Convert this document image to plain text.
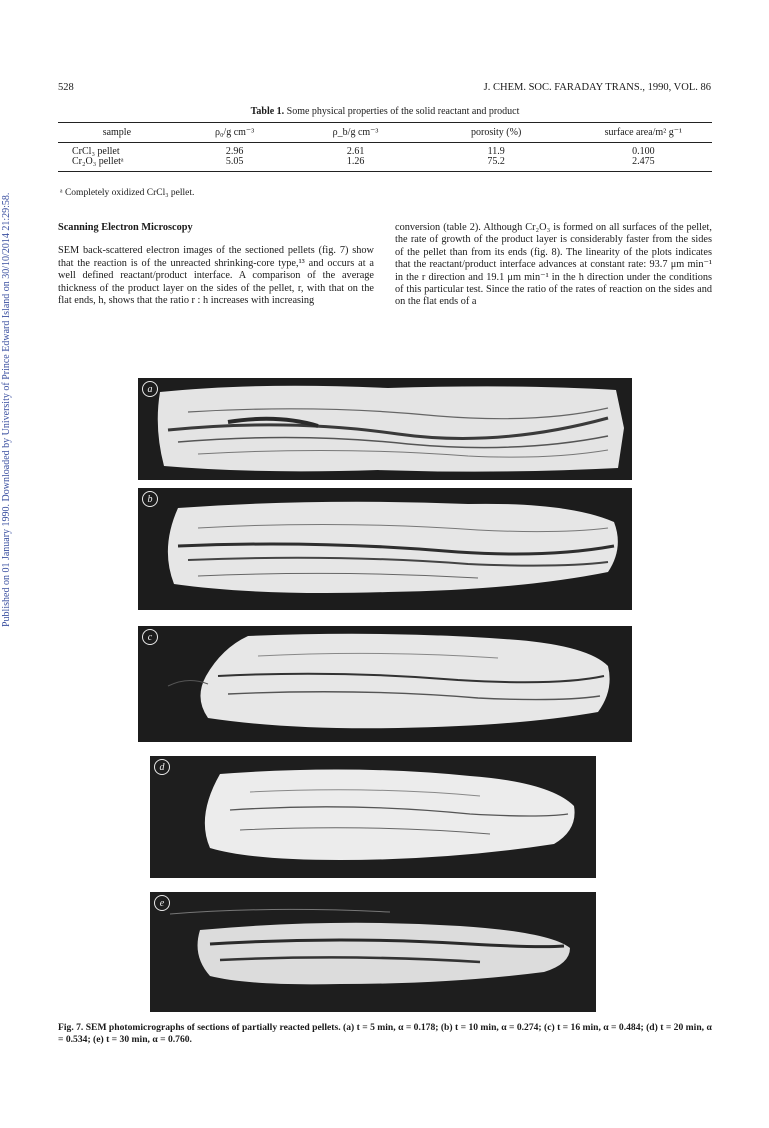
Published on 01 January 1990. Downloaded by University of Prince Edward Island on 30/10/2014 21:29:58.
528	J. CHEM. SOC. FARADAY TRANS., 1990, VOL. 86
Table 1. Some physical properties of the solid reactant and product
sample	ρ₀/g cm⁻³	ρ_b/g cm⁻³	porosity (%)	surface area/m² g⁻¹
CrCl₃ pellet	2.96	2.61	11.9	0.100
Cr₂O₃ pelletᵃ	5.05	1.26	75.2	2.475
ᵃ Completely oxidized CrCl₃ pellet.

Scanning Electron Microscopy

SEM back-scattered electron images of the sectioned pellets (fig. 7) show that the reaction is of the unreacted shrinking-core type,¹³ and occurs at a well defined reactant/product interface. A comparison of the average thickness of the product layer on the sides of the pellet, r, with that on the flat ends, h, shows that the ratio r : h increases with increasing

conversion (table 2). Although Cr₂O₃ is formed on all surfaces of the pellet, the rate of growth of the product layer is considerably faster from the sides of the pellet than from its ends (fig. 8). The linearity of the plots indicates that the reactant/product interface advances at constant rate: 93.7 μm min⁻¹ in the r direction and 19.1 μm min⁻¹ in the h direction under the conditions of this particular test. Since the ratio of the rates of reaction on the sides and on the flat ends of a

a
b
c
d
e
Fig. 7. SEM photomicrographs of sections of partially reacted pellets. (a) t = 5 min, α = 0.178; (b) t = 10 min, α = 0.274; (c) t = 16 min, α = 0.484; (d) t = 20 min, α = 0.534; (e) t = 30 min, α = 0.760.
